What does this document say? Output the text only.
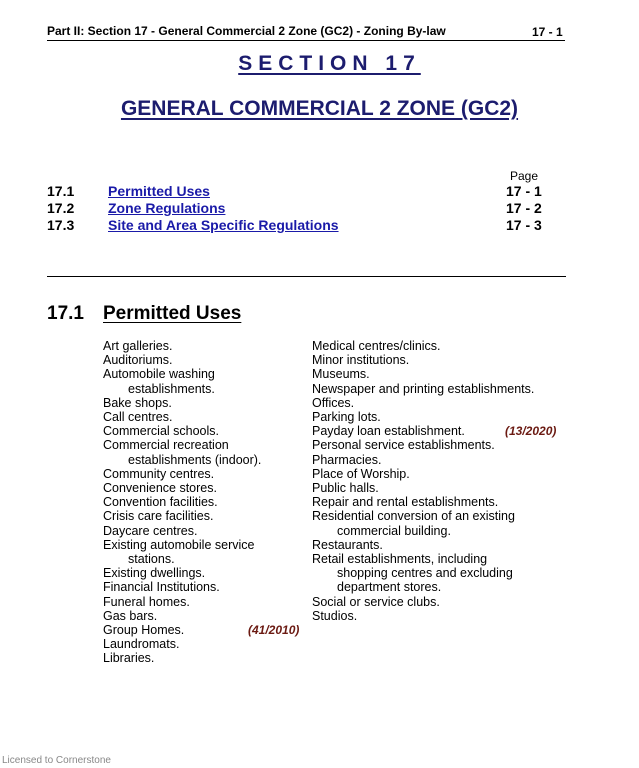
Part II: Section 17 - General Commercial 2 Zone (GC2) - Zoning By-law	17 - 1
SECTION 17
GENERAL COMMERCIAL 2 ZONE (GC2)
Page
17.1 Permitted Uses	17 - 1
17.2 Zone Regulations	17 - 2
17.3 Site and Area Specific Regulations	17 - 3
17.1 Permitted Uses
Art galleries.
Auditoriums.
Automobile washing
establishments.
Bake shops.
Call centres.
Commercial schools.
Commercial recreation
establishments (indoor).
Community centres.
Convenience stores.
Convention facilities.
Crisis care facilities.
Daycare centres.
Existing automobile service
stations.
Existing dwellings.
Financial Institutions.
Funeral homes.
Gas bars.
Group Homes.	(41/2010)
Laundromats.
Libraries.
Medical centres/clinics.
Minor institutions.
Museums.
Newspaper and printing establishments.
Offices.
Parking lots.
Payday loan establishment.	(13/2020)
Personal service establishments.
Pharmacies.
Place of Worship.
Public halls.
Repair and rental establishments.
Residential conversion of an existing
commercial building.
Restaurants.
Retail establishments, including
shopping centres and excluding
department stores.
Social or service clubs.
Studios.
Licensed to Cornerstone
